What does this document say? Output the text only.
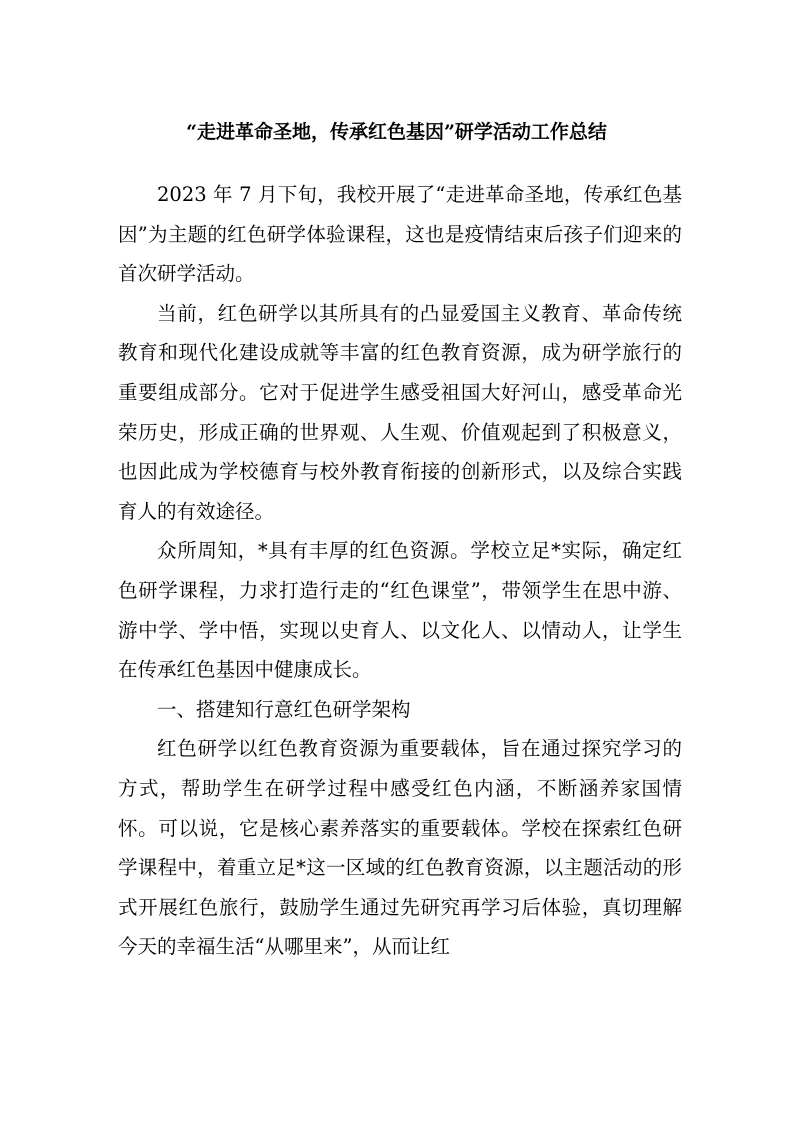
“走进革命圣地，传承红色基因”研学活动工作总结

2023 年 7 月下旬，我校开展了“走进革命圣地，传承红色基因”为主题的红色研学体验课程，这也是疫情结束后孩子们迎来的首次研学活动。

当前，红色研学以其所具有的凸显爱国主义教育、革命传统教育和现代化建设成就等丰富的红色教育资源，成为研学旅行的重要组成部分。它对于促进学生感受祖国大好河山，感受革命光荣历史，形成正确的世界观、人生观、价值观起到了积极意义，也因此成为学校德育与校外教育衔接的创新形式，以及综合实践育人的有效途径。

众所周知，*具有丰厚的红色资源。学校立足*实际，确定红色研学课程，力求打造行走的“红色课堂”，带领学生在思中游、游中学、学中悟，实现以史育人、以文化人、以情动人，让学生在传承红色基因中健康成长。

一、搭建知行意红色研学架构

红色研学以红色教育资源为重要载体，旨在通过探究学习的方式，帮助学生在研学过程中感受红色内涵，不断涵养家国情怀。可以说，它是核心素养落实的重要载体。学校在探索红色研学课程中，着重立足*这一区域的红色教育资源，以主题活动的形式开展红色旅行，鼓励学生通过先研究再学习后体验，真切理解今天的幸福生活“从哪里来”，从而让红
